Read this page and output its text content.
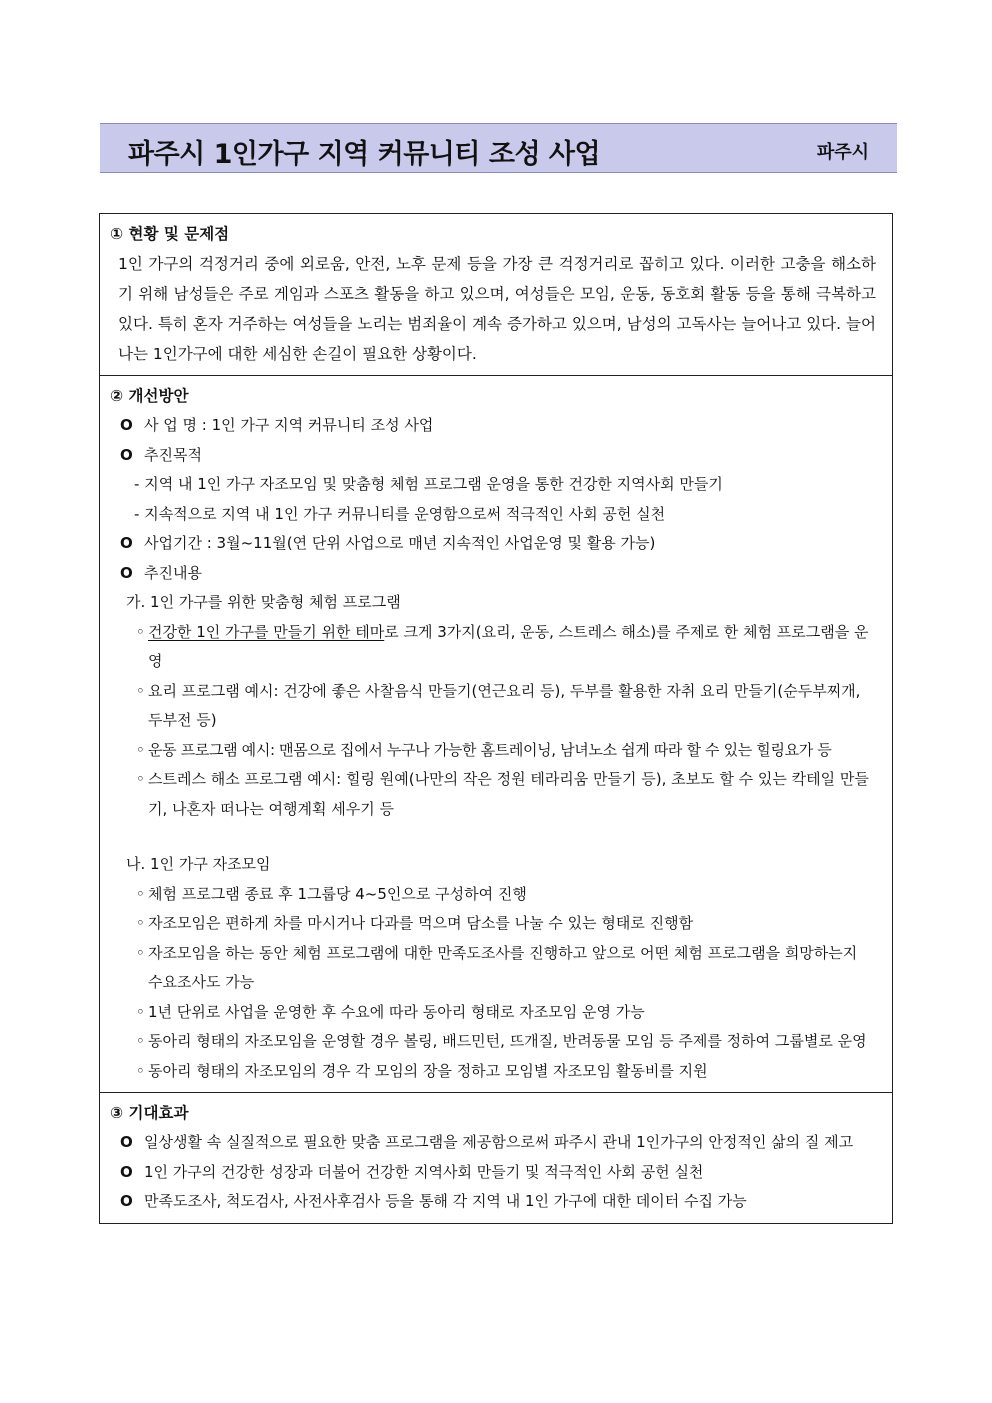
파주시 1인가구 지역 커뮤니티 조성 사업	파주시
① 현황 및 문제점
1인 가구의 걱정거리 중에 외로움, 안전, 노후 문제 등을 가장 큰 걱정거리로 꼽히고 있다. 이러한 고충을 해소하기 위해 남성들은 주로 게임과 스포츠 활동을 하고 있으며, 여성들은 모임, 운동, 동호회 활동 등을 통해 극복하고 있다. 특히 혼자 거주하는 여성들을 노리는 범죄율이 계속 증가하고 있으며, 남성의 고독사는 늘어나고 있다. 늘어나는 1인가구에 대한 세심한 손길이 필요한 상황이다.
② 개선방안
O 사 업 명 : 1인 가구 지역 커뮤니티 조성 사업
O 추진목적
- 지역 내 1인 가구 자조모임 및 맞춤형 체험 프로그램 운영을 통한 건강한 지역사회 만들기
- 지속적으로 지역 내 1인 가구 커뮤니티를 운영함으로써 적극적인 사회 공헌 실천
O 사업기간 : 3월~11월(연 단위 사업으로 매년 지속적인 사업운영 및 활용 가능)
O 추진내용
가. 1인 가구를 위한 맞춤형 체험 프로그램
◦ 건강한 1인 가구를 만들기 위한 테마로 크게 3가지(요리, 운동, 스트레스 해소)를 주제로 한 체험 프로그램을 운영
◦ 요리 프로그램 예시: 건강에 좋은 사찰음식 만들기(연근요리 등), 두부를 활용한 자취 요리 만들기(순두부찌개, 두부전 등)
◦ 운동 프로그램 예시: 맨몸으로 집에서 누구나 가능한 홈트레이닝, 남녀노소 쉽게 따라 할 수 있는 힐링요가 등
◦ 스트레스 해소 프로그램 예시: 힐링 원예(나만의 작은 정원 테라리움 만들기 등), 초보도 할 수 있는 칵테일 만들기, 나혼자 떠나는 여행계획 세우기 등
나. 1인 가구 자조모임
◦ 체험 프로그램 종료 후 1그룹당 4~5인으로 구성하여 진행
◦ 자조모임은 편하게 차를 마시거나 다과를 먹으며 담소를 나눌 수 있는 형태로 진행함
◦ 자조모임을 하는 동안 체험 프로그램에 대한 만족도조사를 진행하고 앞으로 어떤 체험 프로그램을 희망하는지 수요조사도 가능
◦ 1년 단위로 사업을 운영한 후 수요에 따라 동아리 형태로 자조모임 운영 가능
◦ 동아리 형태의 자조모임을 운영할 경우 볼링, 배드민턴, 뜨개질, 반려동물 모임 등 주제를 정하여 그룹별로 운영
◦ 동아리 형태의 자조모임의 경우 각 모임의 장을 정하고 모임별 자조모임 활동비를 지원
③ 기대효과
O 일상생활 속 실질적으로 필요한 맞춤 프로그램을 제공함으로써 파주시 관내 1인가구의 안정적인 삶의 질 제고
O 1인 가구의 건강한 성장과 더불어 건강한 지역사회 만들기 및 적극적인 사회 공헌 실천
O 만족도조사, 척도검사, 사전사후검사 등을 통해 각 지역 내 1인 가구에 대한 데이터 수집 가능
